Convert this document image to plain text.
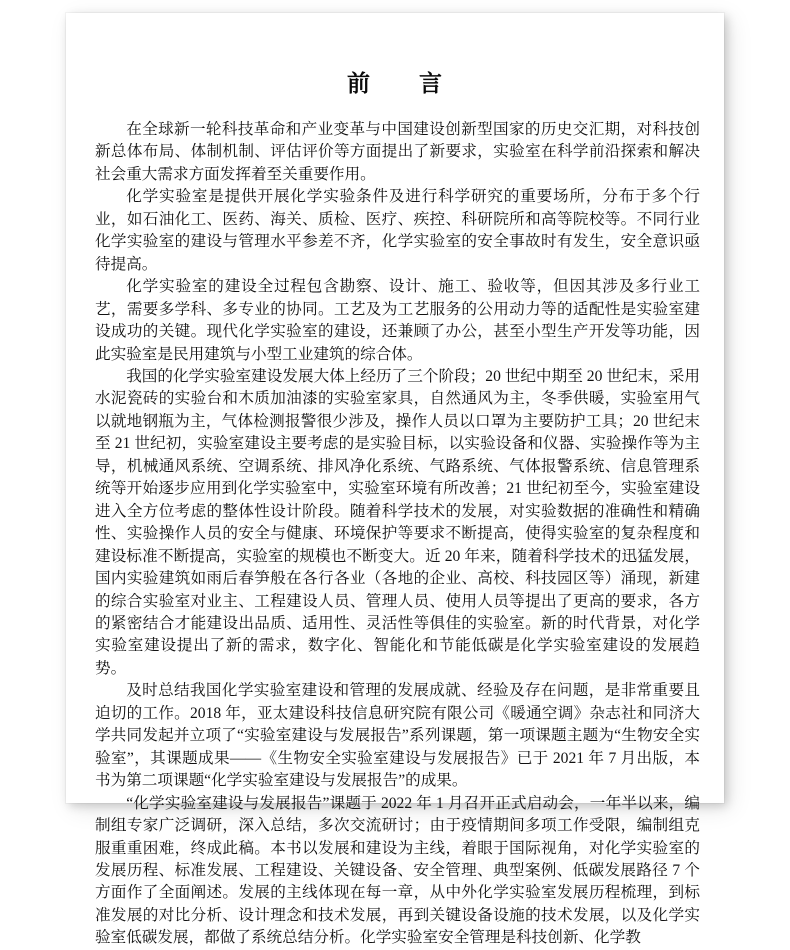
前　　言

在全球新一轮科技革命和产业变革与中国建设创新型国家的历史交汇期，对科技创新总体布局、体制机制、评估评价等方面提出了新要求，实验室在科学前沿探索和解决社会重大需求方面发挥着至关重要作用。

化学实验室是提供开展化学实验条件及进行科学研究的重要场所，分布于多个行业，如石油化工、医药、海关、质检、医疗、疾控、科研院所和高等院校等。不同行业化学实验室的建设与管理水平参差不齐，化学实验室的安全事故时有发生，安全意识亟待提高。

化学实验室的建设全过程包含勘察、设计、施工、验收等，但因其涉及多行业工艺，需要多学科、多专业的协同。工艺及为工艺服务的公用动力等的适配性是实验室建设成功的关键。现代化学实验室的建设，还兼顾了办公，甚至小型生产开发等功能，因此实验室是民用建筑与小型工业建筑的综合体。

我国的化学实验室建设发展大体上经历了三个阶段；20 世纪中期至 20 世纪末，采用水泥瓷砖的实验台和木质加油漆的实验室家具，自然通风为主，冬季供暖，实验室用气以就地钢瓶为主，气体检测报警很少涉及，操作人员以口罩为主要防护工具；20 世纪末至 21 世纪初，实验室建设主要考虑的是实验目标，以实验设备和仪器、实验操作等为主导，机械通风系统、空调系统、排风净化系统、气路系统、气体报警系统、信息管理系统等开始逐步应用到化学实验室中，实验室环境有所改善；21 世纪初至今，实验室建设进入全方位考虑的整体性设计阶段。随着科学技术的发展，对实验数据的准确性和精确性、实验操作人员的安全与健康、环境保护等要求不断提高，使得实验室的复杂程度和建设标准不断提高，实验室的规模也不断变大。近 20 年来，随着科学技术的迅猛发展，国内实验建筑如雨后春笋般在各行各业（各地的企业、高校、科技园区等）涌现，新建的综合实验室对业主、工程建设人员、管理人员、使用人员等提出了更高的要求，各方的紧密结合才能建设出品质、适用性、灵活性等俱佳的实验室。新的时代背景，对化学实验室建设提出了新的需求，数字化、智能化和节能低碳是化学实验室建设的发展趋势。

及时总结我国化学实验室建设和管理的发展成就、经验及存在问题，是非常重要且迫切的工作。2018 年，亚太建设科技信息研究院有限公司《暖通空调》杂志社和同济大学共同发起并立项了“实验室建设与发展报告”系列课题，第一项课题主题为“生物安全实验室”，其课题成果——《生物安全实验室建设与发展报告》已于 2021 年 7 月出版，本书为第二项课题“化学实验室建设与发展报告”的成果。

“化学实验室建设与发展报告”课题于 2022 年 1 月召开正式启动会，一年半以来，编制组专家广泛调研，深入总结，多次交流研讨；由于疫情期间多项工作受限，编制组克服重重困难，终成此稿。本书以发展和建设为主线，着眼于国际视角，对化学实验室的发展历程、标准发展、工程建设、关键设备、安全管理、典型案例、低碳发展路径 7 个方面作了全面阐述。发展的主线体现在每一章，从中外化学实验室发展历程梳理，到标准发展的对比分析、设计理念和技术发展，再到关键设备设施的技术发展，以及化学实验室低碳发展，都做了系统总结分析。化学实验室安全管理是科技创新、化学教
